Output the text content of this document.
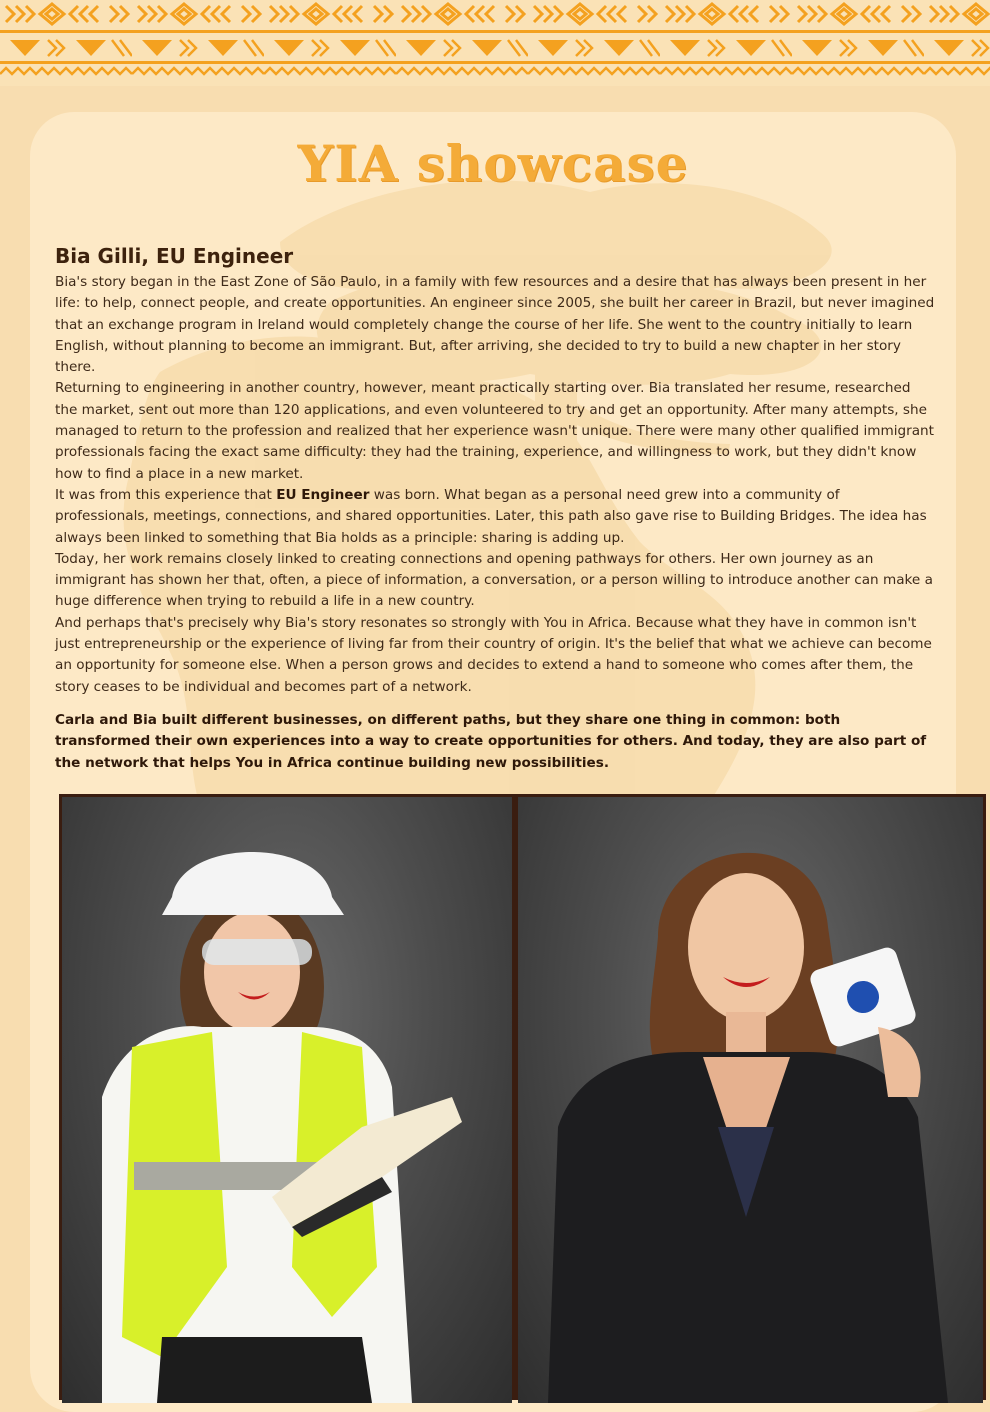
YIA showcase
Bia Gilli, EU Engineer

Bia's story began in the East Zone of São Paulo, in a family with few resources and a desire that has always been present in her life: to help, connect people, and create opportunities. An engineer since 2005, she built her career in Brazil, but never imagined that an exchange program in Ireland would completely change the course of her life. She went to the country initially to learn English, without planning to become an immigrant. But, after arriving, she decided to try to build a new chapter in her story there.

Returning to engineering in another country, however, meant practically starting over. Bia translated her resume, researched the market, sent out more than 120 applications, and even volunteered to try and get an opportunity. After many attempts, she managed to return to the profession and realized that her experience wasn't unique. There were many other qualified immigrant professionals facing the exact same difficulty: they had the training, experience, and willingness to work, but they didn't know how to find a place in a new market.

It was from this experience that EU Engineer was born. What began as a personal need grew into a community of professionals, meetings, connections, and shared opportunities. Later, this path also gave rise to Building Bridges. The idea has always been linked to something that Bia holds as a principle: sharing is adding up.

Today, her work remains closely linked to creating connections and opening pathways for others. Her own journey as an immigrant has shown her that, often, a piece of information, a conversation, or a person willing to introduce another can make a huge difference when trying to rebuild a life in a new country.

And perhaps that's precisely why Bia's story resonates so strongly with You in Africa. Because what they have in common isn't just entrepreneurship or the experience of living far from their country of origin. It's the belief that what we achieve can become an opportunity for someone else. When a person grows and decides to extend a hand to someone who comes after them, the story ceases to be individual and becomes part of a network.

Carla and Bia built different businesses, on different paths, but they share one thing in common: both transformed their own experiences into a way to create opportunities for others. And today, they are also part of the network that helps You in Africa continue building new possibilities.
